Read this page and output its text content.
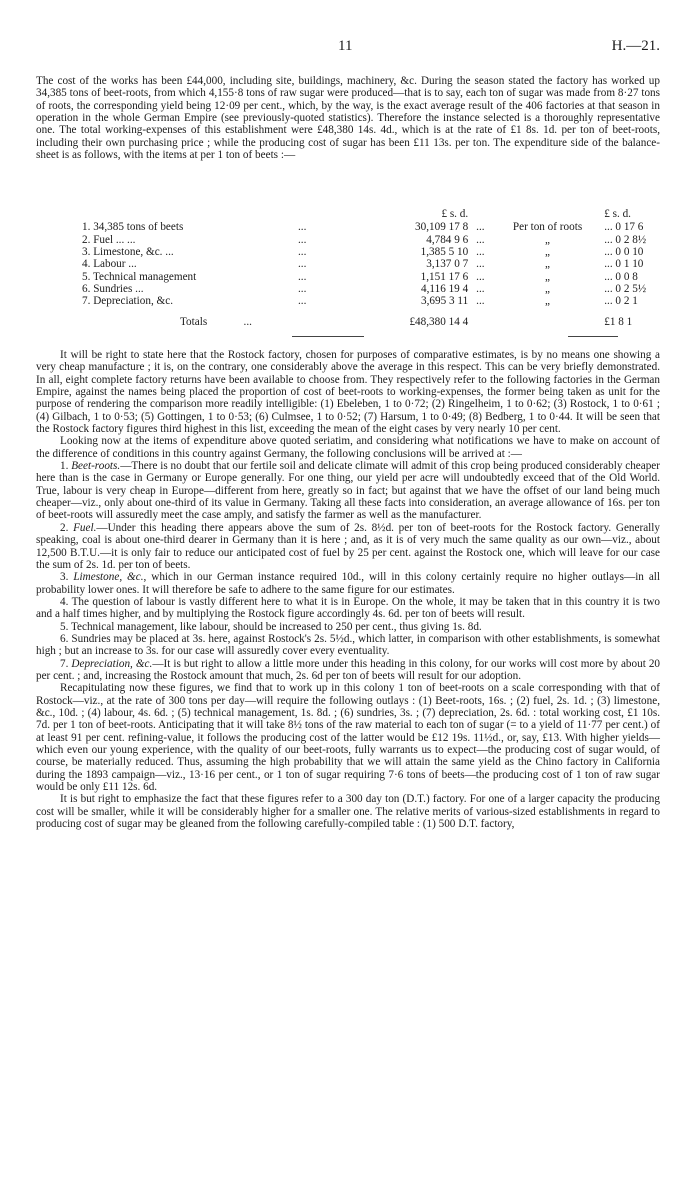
11	H.—21.

The cost of the works has been £44,000, including site, buildings, machinery, &c. During the season stated the factory has worked up 34,385 tons of beet-roots, from which 4,155·8 tons of raw sugar were produced—that is to say, each ton of sugar was made from 8·27 tons of roots, the corresponding yield being 12·09 per cent., which, by the way, is the exact average result of the 406 factories at that season in operation in the whole German Empire (see previously-quoted statistics). Therefore the instance selected is a thoroughly representative one. The total working-expenses of this establishment were £48,380 14s. 4d., which is at the rate of £1 8s. 1d. per ton of beet-roots, including their own purchasing price ; while the producing cost of sugar has been £11 13s. per ton. The expenditure side of the balance-sheet is as follows, with the items at per 1 ton of beets :—

	£ s. d.			£ s. d.
1. 34,385 tons of beets ...	30,109 17 8	...	Per ton of roots	... 0 17 6
2. Fuel ... ... ...	4,784 9 6	...	„	... 0 2 8½
3. Limestone, &c. ... ...	1,385 5 10	...	„	... 0 0 10
4. Labour ... ...	3,137 0 7	...	„	... 0 1 10
5. Technical management ...	1,151 17 6	...	„	... 0 0 8
6. Sundries ... ...	4,116 19 4	...	„	... 0 2 5½
7. Depreciation, &c. ...	3,695 3 11	...	„	... 0 2 1
Totals ...	£48,380 14 4			£1 8 1

It will be right to state here that the Rostock factory, chosen for purposes of comparative estimates, is by no means one showing a very cheap manufacture ; it is, on the contrary, one considerably above the average in this respect. This can be very briefly demonstrated. In all, eight complete factory returns have been available to choose from. They respectively refer to the following factories in the German Empire, against the names being placed the proportion of cost of beet-roots to working-expenses, the former being taken as unit for the purpose of rendering the comparison more readily intelligible: (1) Ebeleben, 1 to 0·72; (2) Ringelheim, 1 to 0·62; (3) Rostock, 1 to 0·61 ; (4) Gilbach, 1 to 0·53; (5) Gottingen, 1 to 0·53; (6) Culmsee, 1 to 0·52; (7) Harsum, 1 to 0·49; (8) Bedberg, 1 to 0·44. It will be seen that the Rostock factory figures third highest in this list, exceeding the mean of the eight cases by very nearly 10 per cent.

Looking now at the items of expenditure above quoted seriatim, and considering what notifications we have to make on account of the difference of conditions in this country against Germany, the following conclusions will be arrived at :—

1. Beet-roots.—There is no doubt that our fertile soil and delicate climate will admit of this crop being produced considerably cheaper here than is the case in Germany or Europe generally. For one thing, our yield per acre will undoubtedly exceed that of the Old World. True, labour is very cheap in Europe—different from here, greatly so in fact; but against that we have the offset of our land being much cheaper—viz., only about one-third of its value in Germany. Taking all these facts into consideration, an average allowance of 16s. per ton of beet-roots will assuredly meet the case amply, and satisfy the farmer as well as the manufacturer.

2. Fuel.—Under this heading there appears above the sum of 2s. 8½d. per ton of beet-roots for the Rostock factory. Generally speaking, coal is about one-third dearer in Germany than it is here ; and, as it is of very much the same quality as our own—viz., about 12,500 B.T.U.—it is only fair to reduce our anticipated cost of fuel by 25 per cent. against the Rostock one, which will leave for our case the sum of 2s. 1d. per ton of beets.

3. Limestone, &c., which in our German instance required 10d., will in this colony certainly require no higher outlays—in all probability lower ones. It will therefore be safe to adhere to the same figure for our estimates.

4. The question of labour is vastly different here to what it is in Europe. On the whole, it may be taken that in this country it is two and a half times higher, and by multiplying the Rostock figure accordingly 4s. 6d. per ton of beets will result.

5. Technical management, like labour, should be increased to 250 per cent., thus giving 1s. 8d.

6. Sundries may be placed at 3s. here, against Rostock's 2s. 5½d., which latter, in comparison with other establishments, is somewhat high ; but an increase to 3s. for our case will assuredly cover every eventuality.

7. Depreciation, &c.—It is but right to allow a little more under this heading in this colony, for our works will cost more by about 20 per cent. ; and, increasing the Rostock amount that much, 2s. 6d per ton of beets will result for our adoption.

Recapitulating now these figures, we find that to work up in this colony 1 ton of beet-roots on a scale corresponding with that of Rostock—viz., at the rate of 300 tons per day—will require the following outlays : (1) Beet-roots, 16s. ; (2) fuel, 2s. 1d. ; (3) limestone, &c., 10d. ; (4) labour, 4s. 6d. ; (5) technical management, 1s. 8d. ; (6) sundries, 3s. ; (7) depreciation, 2s. 6d. : total working cost, £1 10s. 7d. per 1 ton of beet-roots. Anticipating that it will take 8½ tons of the raw material to each ton of sugar (= to a yield of 11·77 per cent.) of at least 91 per cent. refining-value, it follows the producing cost of the latter would be £12 19s. 11½d., or, say, £13. With higher yields—which even our young experience, with the quality of our beet-roots, fully warrants us to expect—the producing cost of sugar would, of course, be materially reduced. Thus, assuming the high probability that we will attain the same yield as the Chino factory in California during the 1893 campaign—viz., 13·16 per cent., or 1 ton of sugar requiring 7·6 tons of beets—the producing cost of 1 ton of raw sugar would be only £11 12s. 6d.

It is but right to emphasize the fact that these figures refer to a 300 day ton (D.T.) factory. For one of a larger capacity the producing cost will be smaller, while it will be considerably higher for a smaller one. The relative merits of various-sized establishments in regard to producing cost of sugar may be gleaned from the following carefully-compiled table : (1) 500 D.T. factory,
